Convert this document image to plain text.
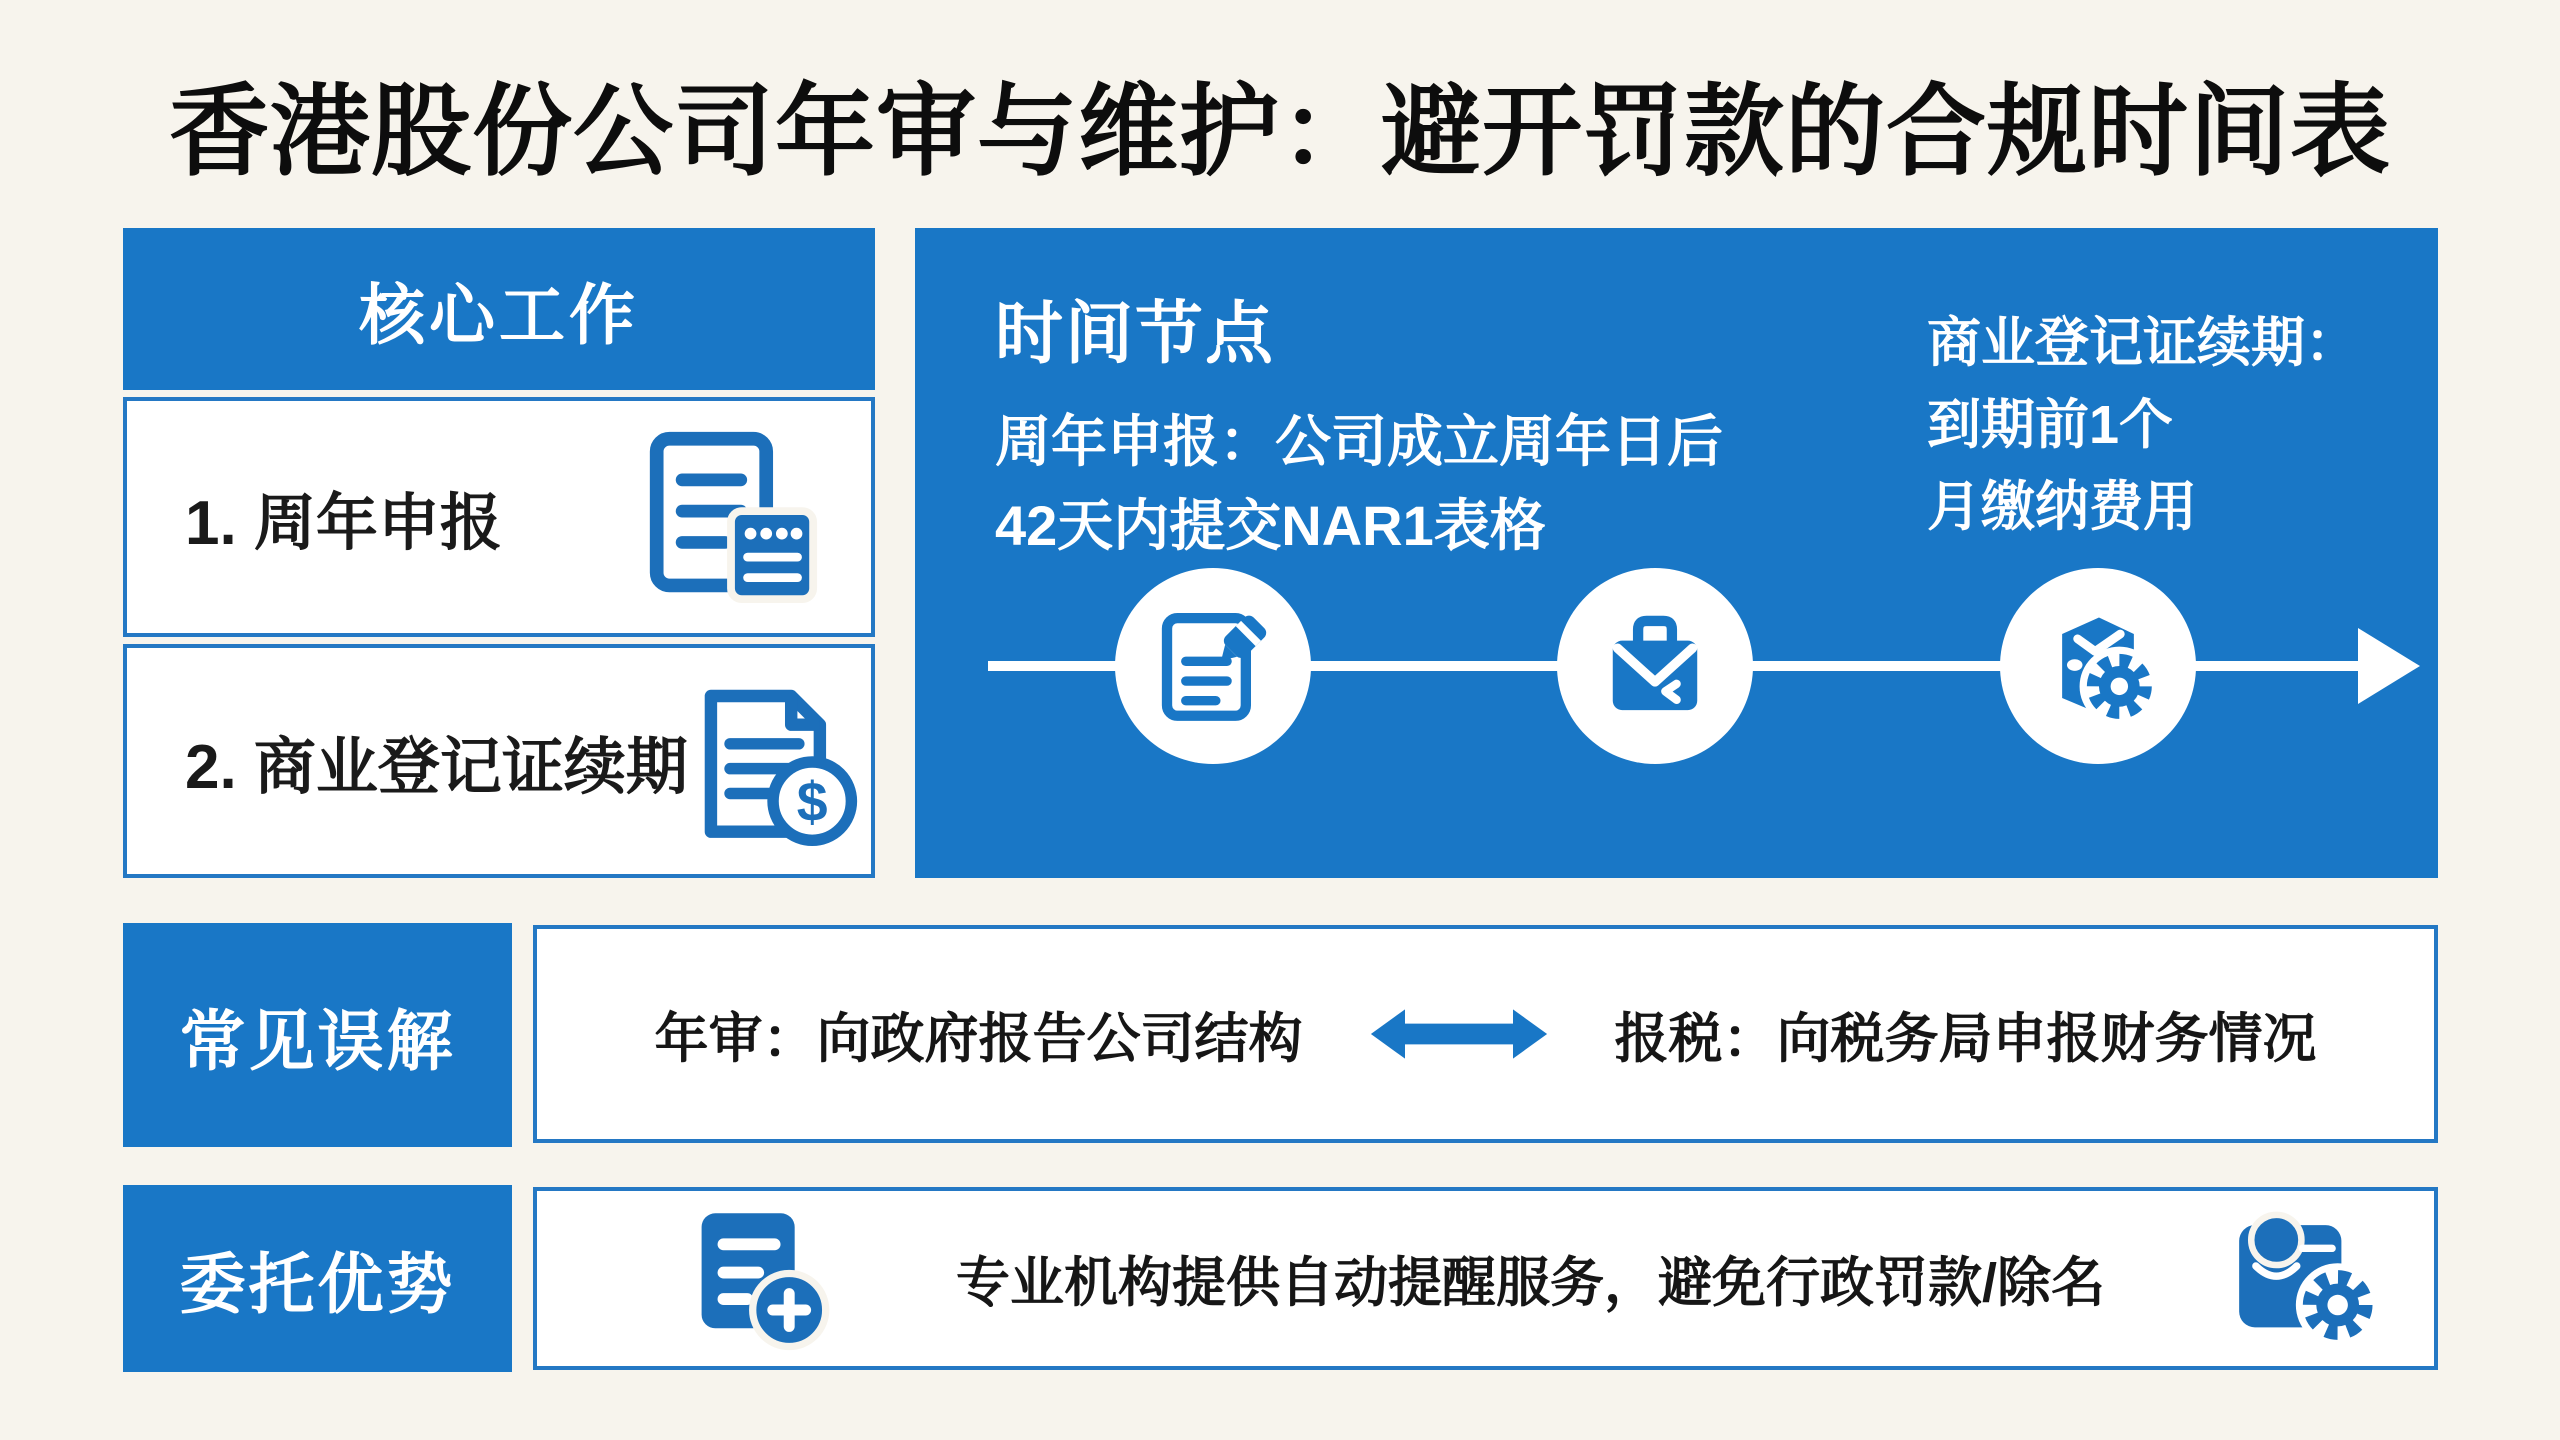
香港股份公司年审与维护：避开罚款的合规时间表
核心工作
1. 周年申报
2. 商业登记证续期
$
时间节点
周年申报：公司成立周年日后
42天内提交NAR1表格
商业登记证续期：
到期前1个
月缴纳费用
常见误解	年审：向政府报告公司结构	报税：向税务局申报财务情况
委托优势	专业机构提供自动提醒服务，避免行政罚款/除名
